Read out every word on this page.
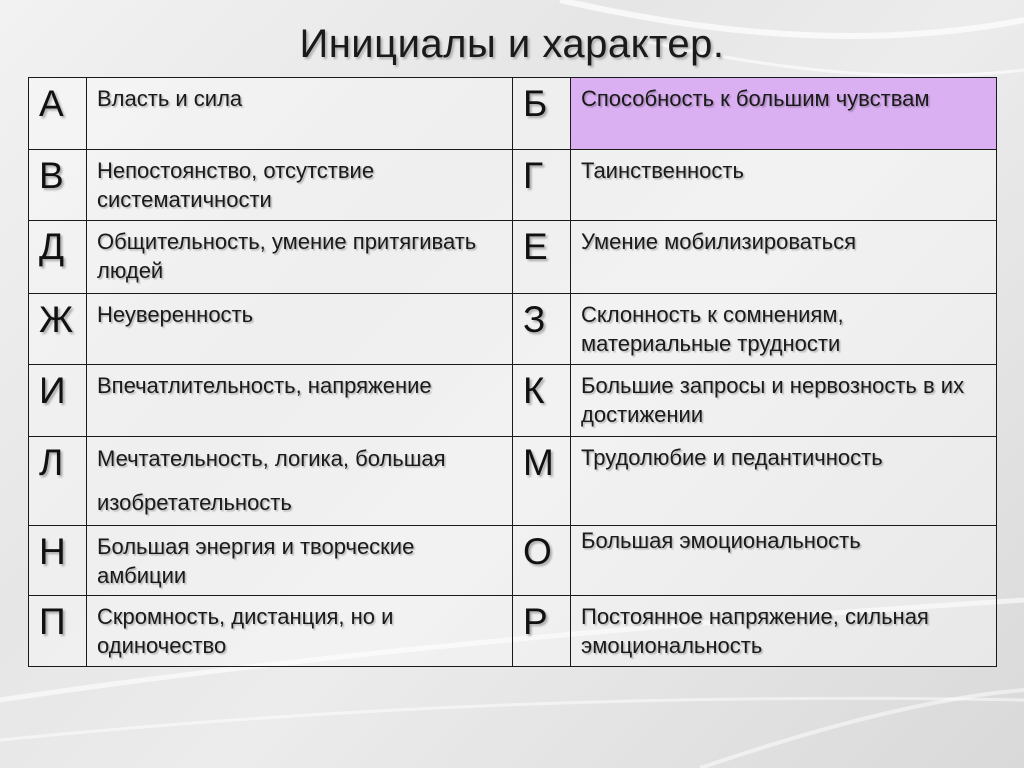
Инициалы и характер.
А	Власть и сила	Б	Способность к большим чувствам
В	Непостоянство, отсутствие систематичности	Г	Таинственность
Д	Общительность, умение притягивать людей	Е	Умение мобилизироваться
Ж	Неуверенность	З	Склонность к сомнениям, материальные трудности
И	Впечатлительность, напряжение	К	Большие запросы и нервозность в их достижении
Л	Мечтательность, логика, большая изобретательность	М	Трудолюбие и педантичность
Н	Большая энергия и творческие амбиции	О	Большая эмоциональность
П	Скромность, дистанция, но и одиночество	Р	Постоянное напряжение, сильная эмоциональность
